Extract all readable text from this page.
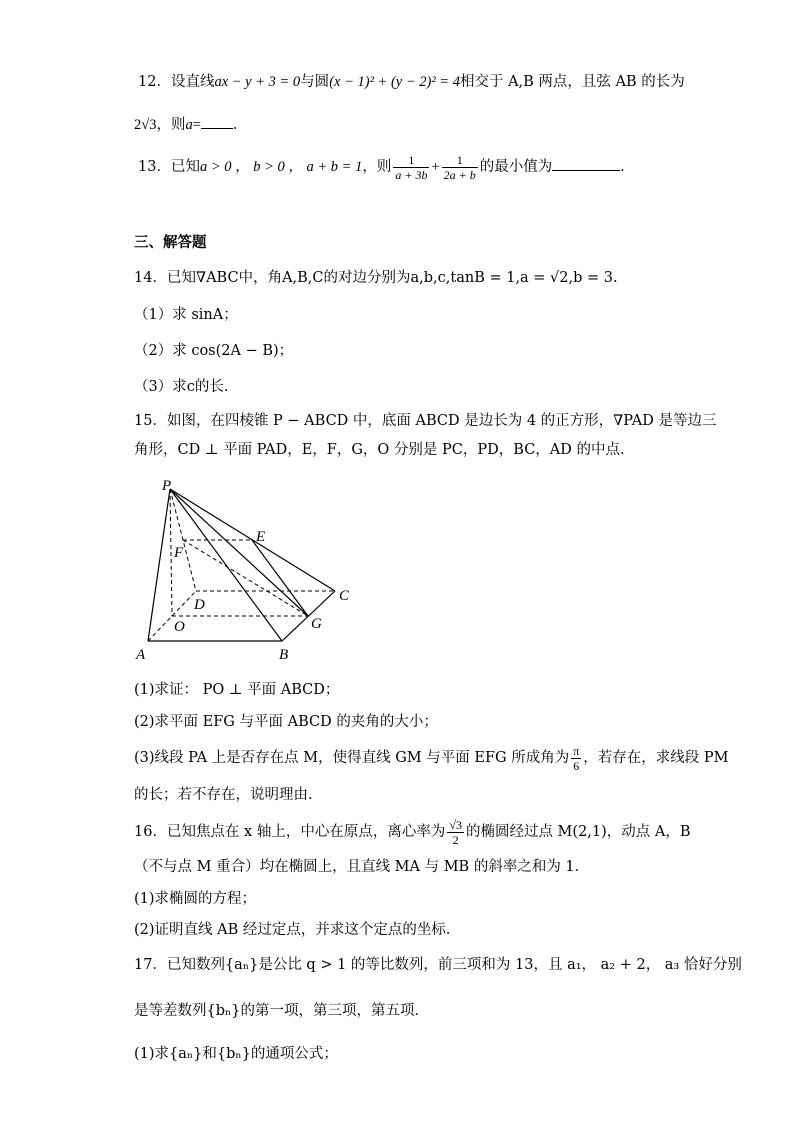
12．设直线ax − y + 3 = 0与圆(x − 1)² + (y − 2)² = 4相交于 A,B 两点，且弦 AB 的长为
2√3，则a= .
13．已知a > 0 ， b > 0 ， a + b = 1，则 $\frac{1}{a + 3b} + \frac{1}{2a + b}$ 的最小值为	．
三、解答题
14．已知∇ABC中，角A,B,C的对边分别为a,b,c,tanB = 1,a = √2,b = 3.
（1）求 sinA；
（2）求 cos(2A − B)；
（3）求c的长.
15．如图，在四棱锥 P − ABCD 中，底面 ABCD 是边长为 4 的正方形，∇PAD 是等边三
角形，CD ⊥ 平面 PAD，E，F，G，O 分别是 PC，PD，BC，AD 的中点.
P
E
F
C
D
O	G
A	B
(1)求证： PO ⊥ 平面 ABCD；
(2)求平面 EFG 与平面 ABCD 的夹角的大小；
(3)线段 PA 上是否存在点 M，使得直线 GM 与平面 EFG 所成角为 $\frac{\pi}{6}$ ，若存在，求线段 PM
的长；若不存在，说明理由.
16．已知焦点在 x 轴上，中心在原点，离心率为 $\frac{√3}{2}$ 的椭圆经过点 M(2,1)，动点 A，B
（不与点 M 重合）均在椭圆上，且直线 MA 与 MB 的斜率之和为 1．
(1)求椭圆的方程；
(2)证明直线 AB 经过定点，并求这个定点的坐标．
17．已知数列{aₙ}是公比 q > 1 的等比数列，前三项和为 13，且 a₁， a₂ + 2， a₃ 恰好分别
是等差数列{bₙ}的第一项，第三项，第五项．
(1)求{aₙ}和{bₙ}的通项公式；
